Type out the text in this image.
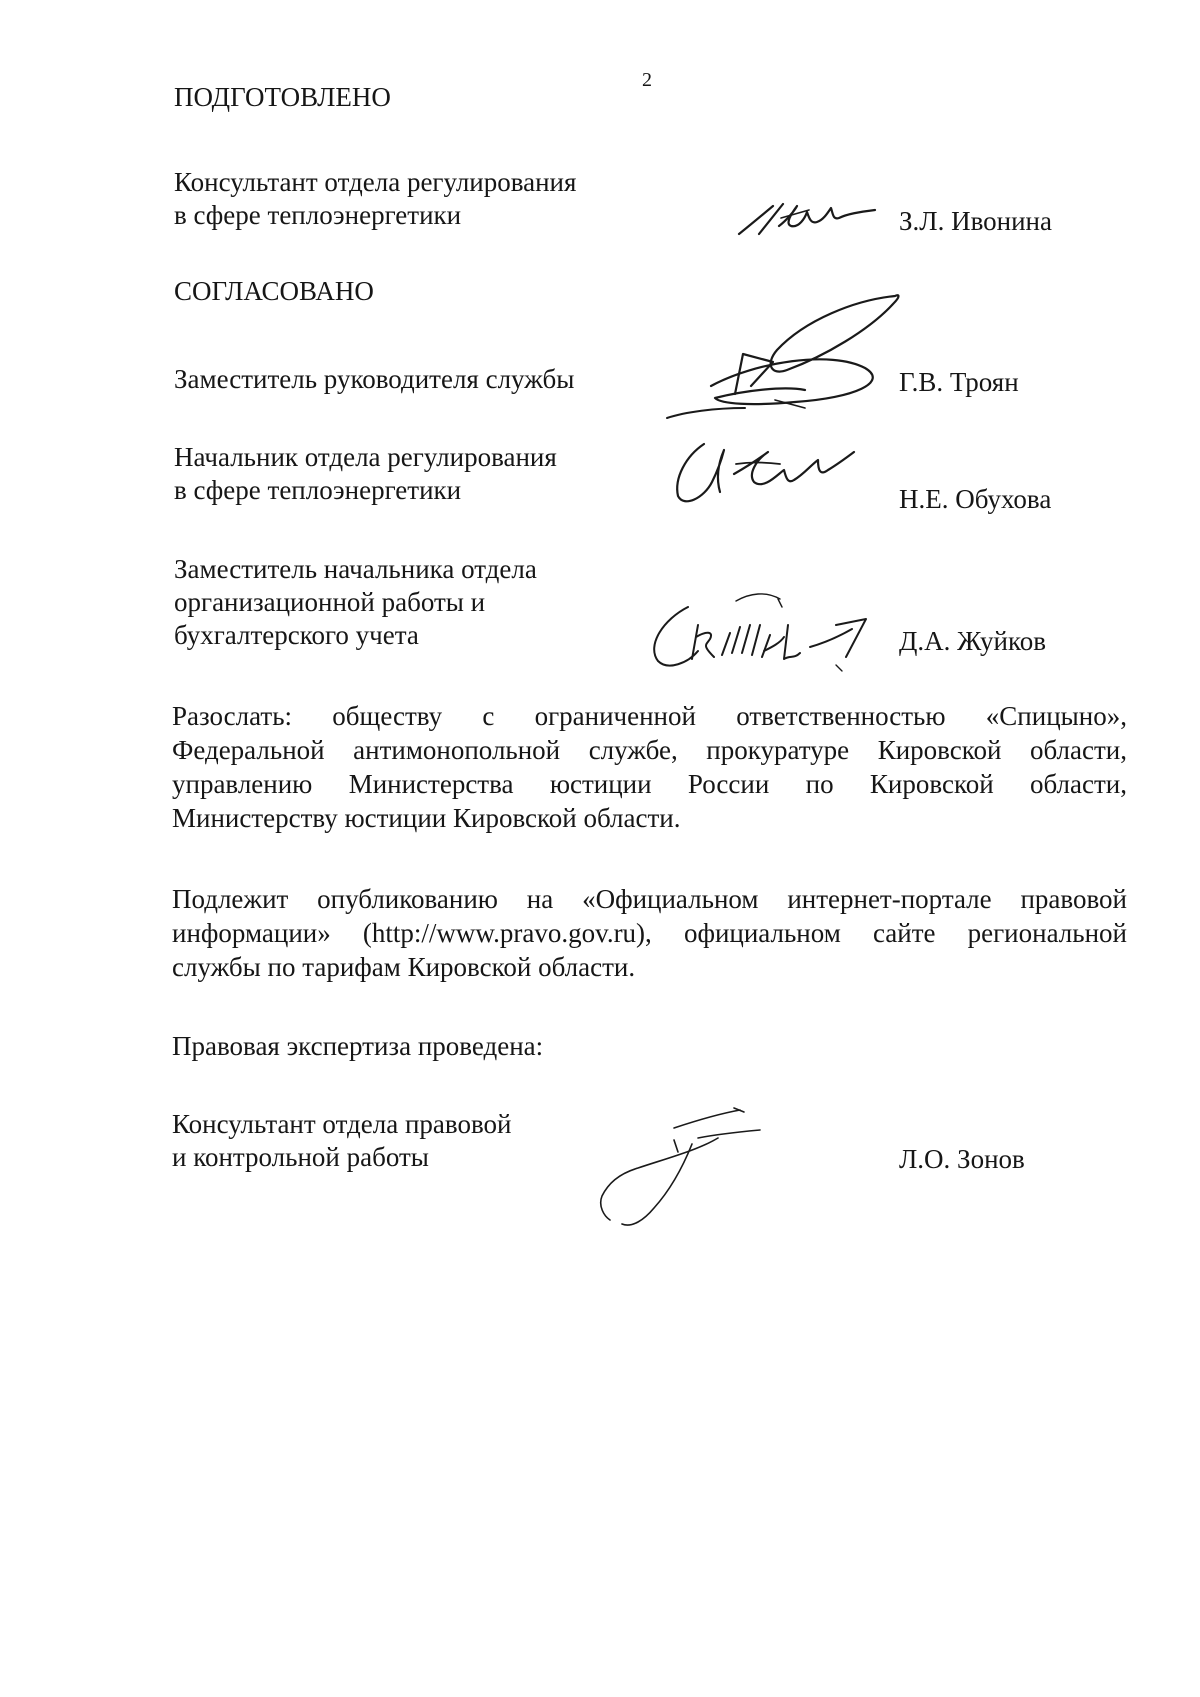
2
ПОДГОТОВЛЕНО
Консультант отдела регулирования
в сфере теплоэнергетики	З.Л. Ивонина
СОГЛАСОВАНО
Заместитель руководителя службы	Г.В. Троян
Начальник отдела регулирования
в сфере теплоэнергетики	Н.Е. Обухова
Заместитель начальника отдела
организационной работы и
бухгалтерского учета	Д.А. Жуйков
Разослать: обществу с ограниченной ответственностью «Спицыно»,
Федеральной антимонопольной службе, прокуратуре Кировской области,
управлению Министерства юстиции России по Кировской области,
Министерству юстиции Кировской области.
Подлежит опубликованию на «Официальном интернет-портале правовой
информации» (http://www.pravo.gov.ru), официальном сайте региональной
службы по тарифам Кировской области.
Правовая экспертиза проведена:
Консультант отдела правовой
и контрольной работы	Л.О. Зонов
